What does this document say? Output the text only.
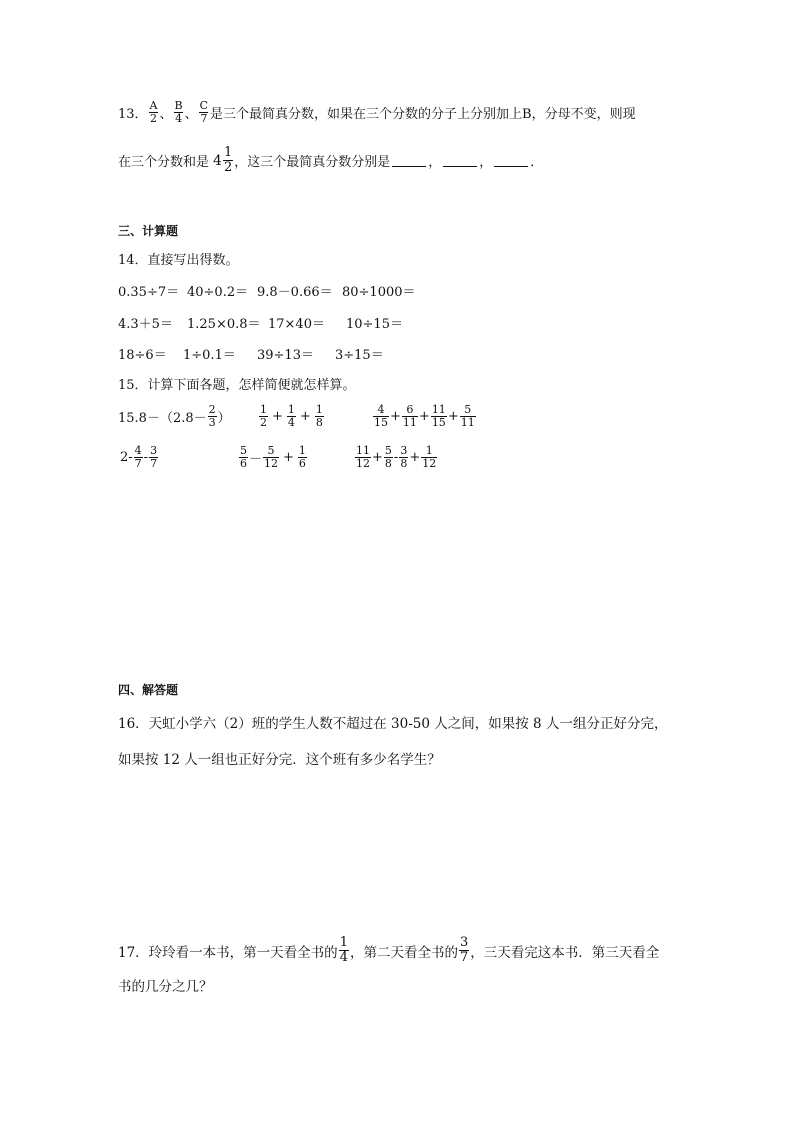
13． $\frac{A}{2}$ 、 $\frac{B}{4}$ 、 $\frac{C}{7}$ 是三个最简真分数，如果在三个分数的分子上分别加上B，分母不变，则现
在三个分数和是 $4 \frac{1}{2}$ ，这三个最简真分数分别是	，	，	．
三、计算题
14．直接写出得数。
0.35÷7＝ 40÷0.2＝ 9.8－0.66＝ 80÷1000＝
4.3＋5＝ 1.25×0.8＝ 17×40＝ 10÷15＝
18÷6＝ 1÷0.1＝ 39÷13＝ 3÷15＝
15．计算下面各题，怎样简便就怎样算。
$15.8-(2.8- \frac{2}{3}$ ）	$\frac{1}{2} + \frac{1}{4} + \frac{1}{8}$	$\frac{4}{15} + \frac{6}{11} + \frac{11}{15} + \frac{5}{11}$
$2- \frac{4}{7} - \frac{3}{7}$	$\frac{5}{6} - \frac{5}{12} + \frac{1}{6}$	$\frac{11}{12} + \frac{5}{8} - \frac{3}{8} + \frac{1}{12}$
四、解答题
16．天虹小学六（2）班的学生人数不超过在 30-50 人之间，如果按 8 人一组分正好分完，
如果按 12 人一组也正好分完．这个班有多少名学生？
17．玲玲看一本书，第一天看全书的 $\frac{1}{4}$ ，第二天看全书的 $\frac{3}{7}$ ，三天看完这本书．第三天看全
书的几分之几？
